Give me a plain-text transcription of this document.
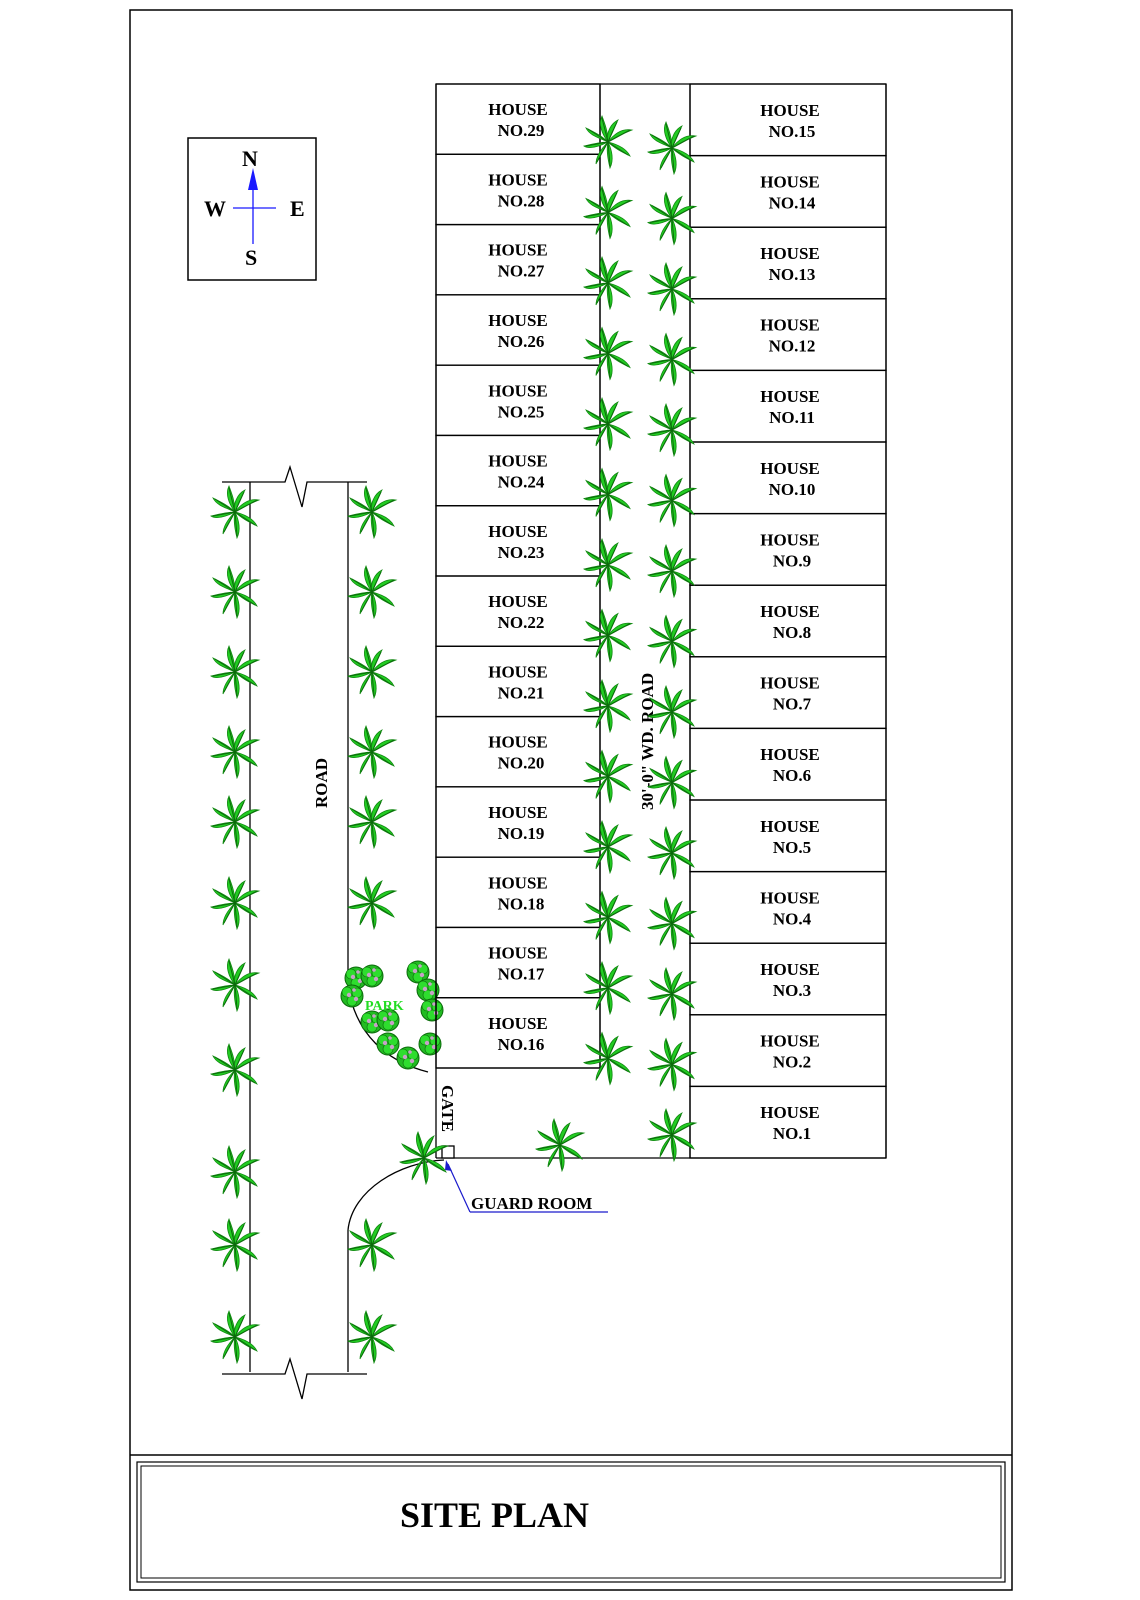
SITE PLAN
N
S
W	E
ROAD
PARK
HOUSE
NO.29
HOUSE
NO.28
HOUSE
NO.27
HOUSE
NO.26
HOUSE
NO.25
HOUSE
NO.24
HOUSE
NO.23
HOUSE
NO.22
HOUSE
NO.21
HOUSE
NO.20
HOUSE
NO.19
HOUSE
NO.18
HOUSE
NO.17
HOUSE
NO.16
HOUSE
NO.15
HOUSE
NO.14
HOUSE
NO.13
HOUSE
NO.12
HOUSE
NO.11
HOUSE
NO.10
HOUSE
NO.9
HOUSE
NO.8
HOUSE
NO.7
HOUSE
NO.6
HOUSE
NO.5
HOUSE
NO.4
HOUSE
NO.3
HOUSE
NO.2
HOUSE
NO.1
30'-0" WD. ROAD
GATE
GUARD ROOM
